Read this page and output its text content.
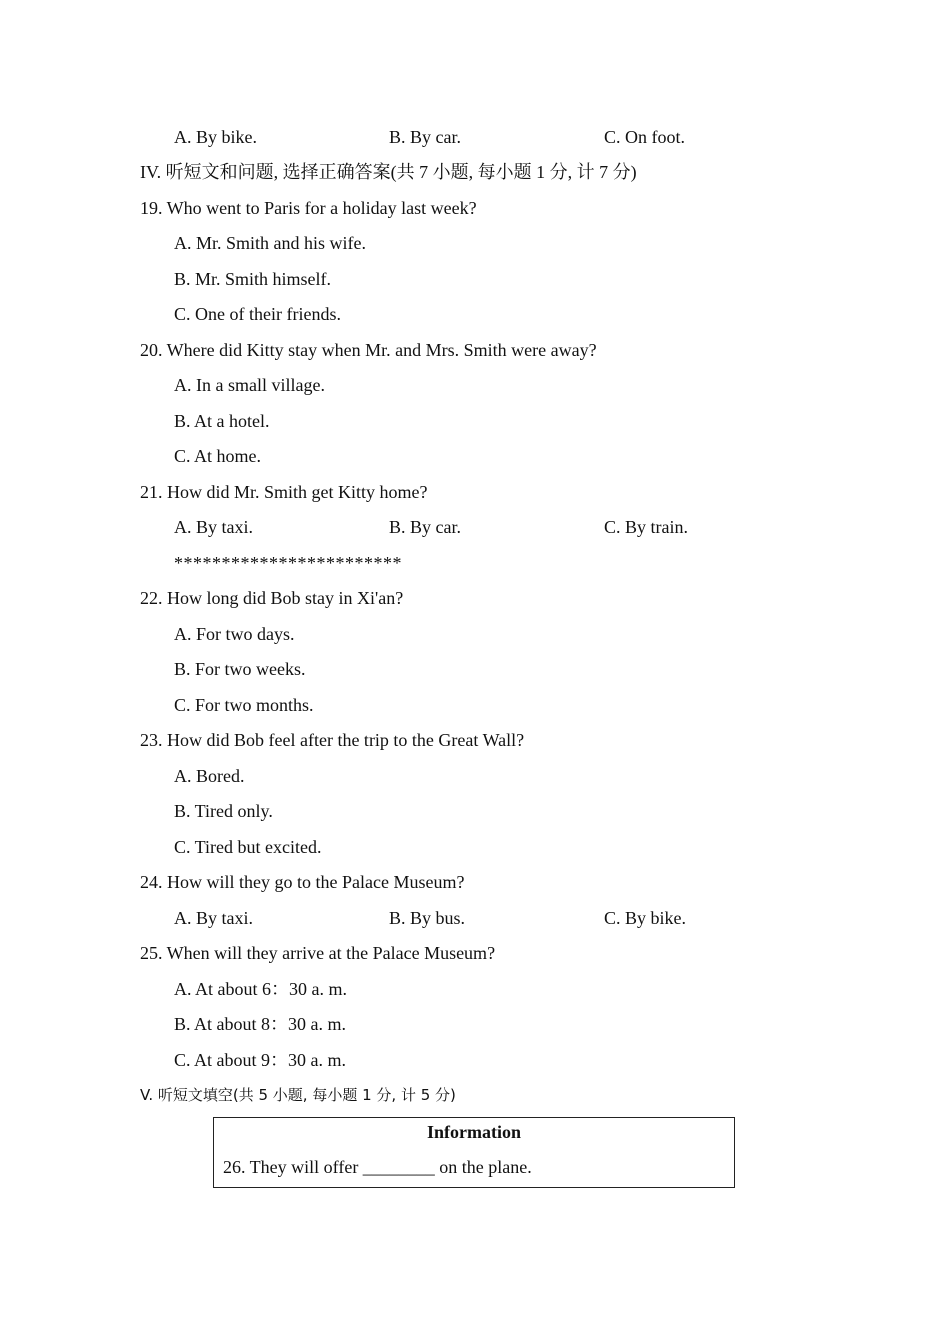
A. By bike.	B. By car.	C. On foot.
IV. 听短文和问题, 选择正确答案(共 7 小题, 每小题 1 分, 计 7 分)
19. Who went to Paris for a holiday last week?
A. Mr. Smith and his wife.
B. Mr. Smith himself.
C. One of their friends.
20. Where did Kitty stay when Mr. and Mrs. Smith were away?
A. In a small village.
B. At a hotel.
C. At home.
21. How did Mr. Smith get Kitty home?
A. By taxi.	B. By car.	C. By train.
************************
22. How long did Bob stay in Xi'an?
A. For two days.
B. For two weeks.
C. For two months.
23. How did Bob feel after the trip to the Great Wall?
A. Bored.
B. Tired only.
C. Tired but excited.
24. How will they go to the Palace Museum?
A. By taxi.	B. By bus.	C. By bike.
25. When will they arrive at the Palace Museum?
A. At about 6：30 a. m.
B. At about 8：30 a. m.
C. At about 9：30 a. m.
V. 听短文填空(共 5 小题, 每小题 1 分, 计 5 分)
Information
26. They will offer ________ on the plane.
